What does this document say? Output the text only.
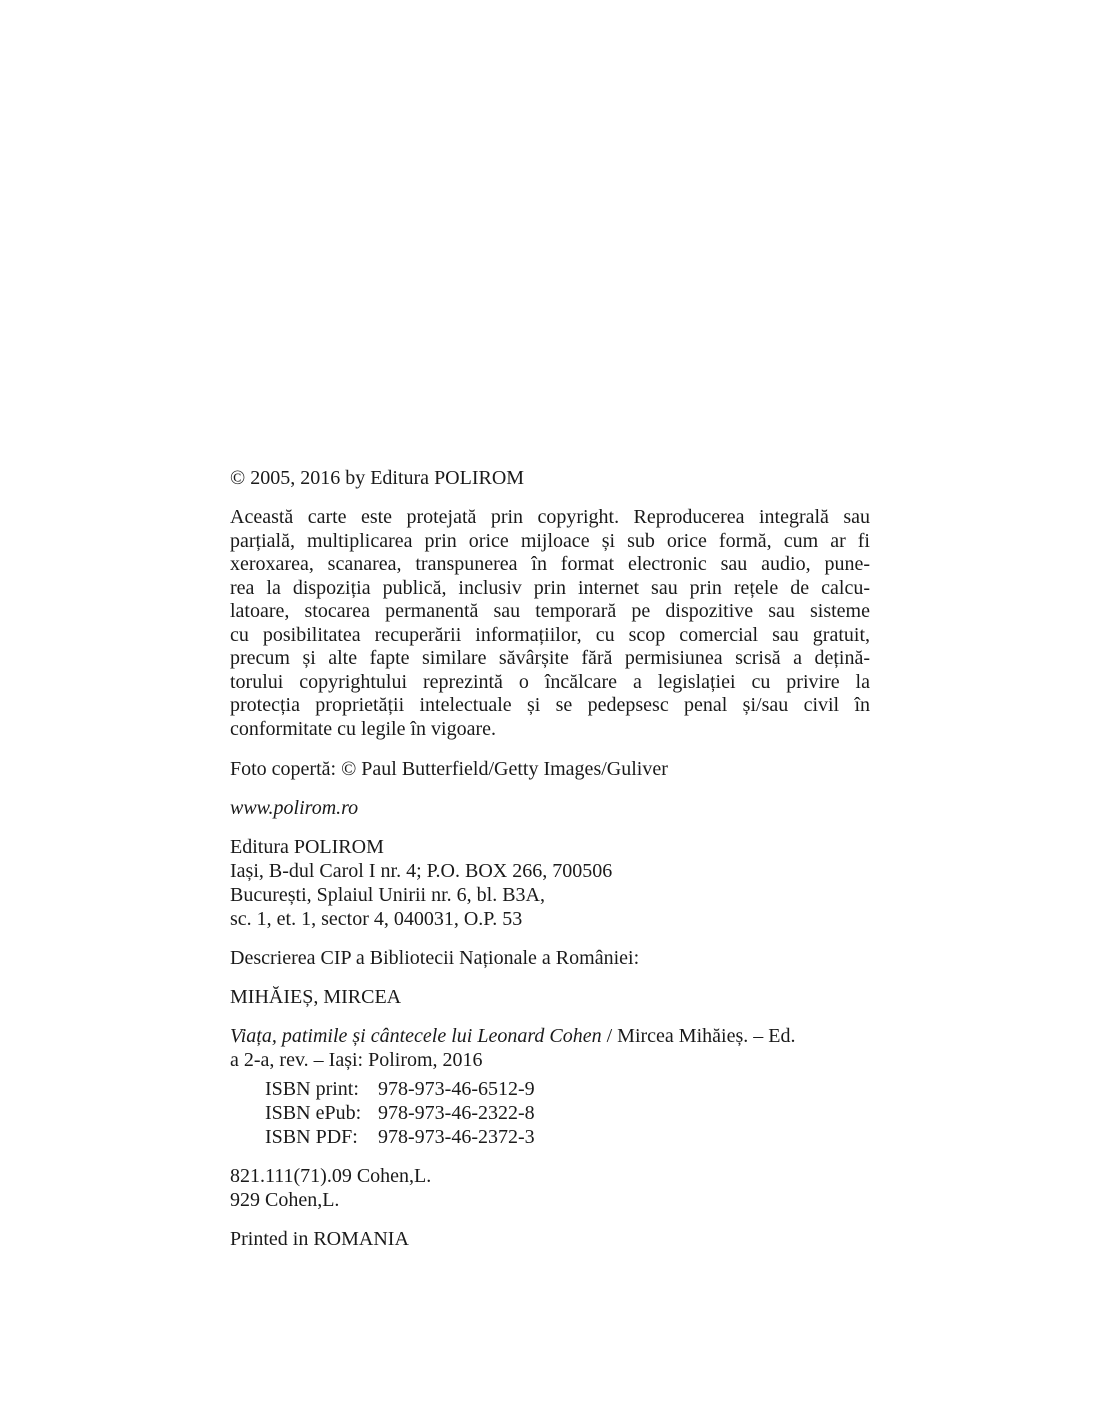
© 2005, 2016 by Editura POLIROM
Această carte este protejată prin copyright. Reproducerea integrală sau
parțială, multiplicarea prin orice mijloace și sub orice formă, cum ar fi
xeroxarea, scanarea, transpunerea în format electronic sau audio, pune-
rea la dispoziția publică, inclusiv prin internet sau prin rețele de calcu-
latoare, stocarea permanentă sau temporară pe dispozitive sau sisteme
cu posibilitatea recuperării informațiilor, cu scop comercial sau gratuit,
precum și alte fapte similare săvârșite fără permisiunea scrisă a dețină-
torului copyrightului reprezintă o încălcare a legislației cu privire la
protecția proprietății intelectuale și se pedepsesc penal și/sau civil în
conformitate cu legile în vigoare.
Foto copertă: © Paul Butterfield/Getty Images/Guliver
www.polirom.ro
Editura POLIROM
Iași, B-dul Carol I nr. 4; P.O. BOX 266, 700506
București, Splaiul Unirii nr. 6, bl. B3A,
sc. 1, et. 1, sector 4, 040031, O.P. 53
Descrierea CIP a Bibliotecii Naționale a României:
MIHĂIEȘ, MIRCEA
Viața, patimile și cântecele lui Leonard Cohen / Mircea Mihăieș. – Ed.
a 2-a, rev. – Iași: Polirom, 2016
ISBN print: 978-973-46-6512-9
ISBN ePub: 978-973-46-2322-8
ISBN PDF:	978-973-46-2372-3
821.111(71).09 Cohen,L.
929 Cohen,L.
Printed in ROMANIA
